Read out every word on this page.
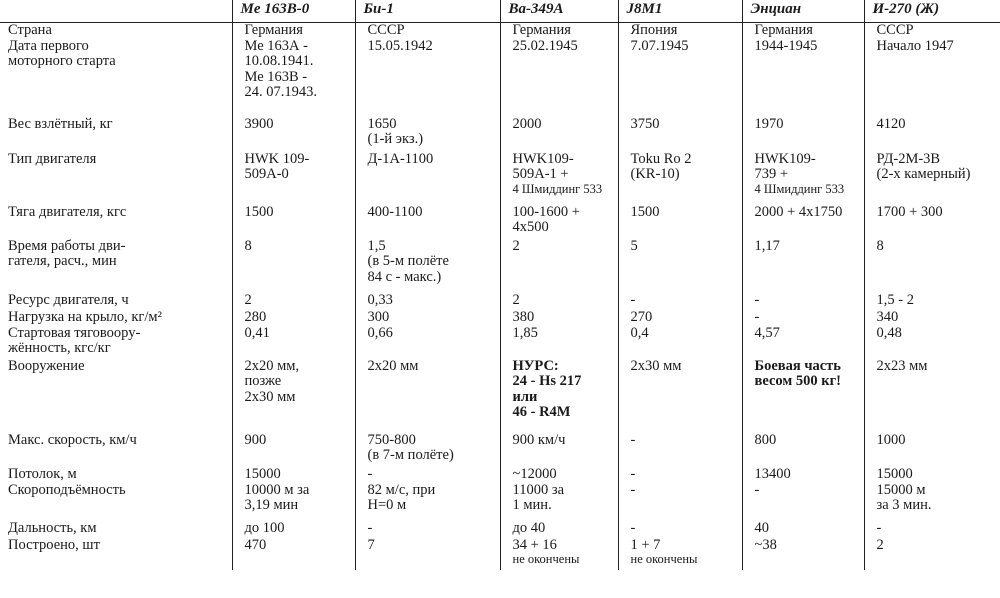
	Me 163B-0	Би-1	Ba-349A	J8M1	Энциан	И-270 (Ж)

Страна	Германия	СССР	Германия	Япония	Германия	СССР

Дата первого
моторного старта	Ме 163А -
10.08.1941.
Ме 163В -
24. 07.1943.	15.05.1942	25.02.1945	7.07.1945	1944-1945	Начало 1947

Вес взлётный, кг	3900	1650
(1-й экз.)	2000	3750	1970	4120

Тип двигателя	HWK 109-
509A-0	Д-1А-1100	HWK109-
509A-1 +
4 Шмиддинг 533	Toku Ro 2
(KR-10)	HWK109-
739 +
4 Шмиддинг 533	РД-2М-3В
(2-х камерный)

Тяга двигателя, кгс	1500	400-1100	100-1600 +
4x500	1500	2000 + 4x1750	1700 + 300

Время работы дви-
гателя, расч., мин	8	1,5
(в 5-м полёте
84 с - макс.)	2	5	1,17	8

Ресурс двигателя, ч	2	0,33	2	-	-	1,5 - 2

Нагрузка на крыло, кг/м²	280	300	380	270	-	340

Стартовая тяговоору-
жённость, кгс/кг	0,41	0,66	1,85	0,4	4,57	0,48

Вооружение	2x20 мм,
позже
2x30 мм	2x20 мм	НУРС:
24 - Hs 217
или
46 - R4M	2x30 мм	Боевая часть
весом 500 кг!	2x23 мм

Макс. скорость, км/ч	900	750-800
(в 7-м полёте)	900 км/ч	-	800	1000

Потолок, м	15000	-	~12000	-	13400	15000

Скороподъёмность	10000 м за
3,19 мин	82 м/с, при
Н=0 м	11000 за
1 мин.	-	-	15000 м
за 3 мин.

Дальность, км	до 100	-	до 40	-	40	-

Построено, шт	470	7	34 + 16
не окончены	1 + 7
не окончены	~38	2
